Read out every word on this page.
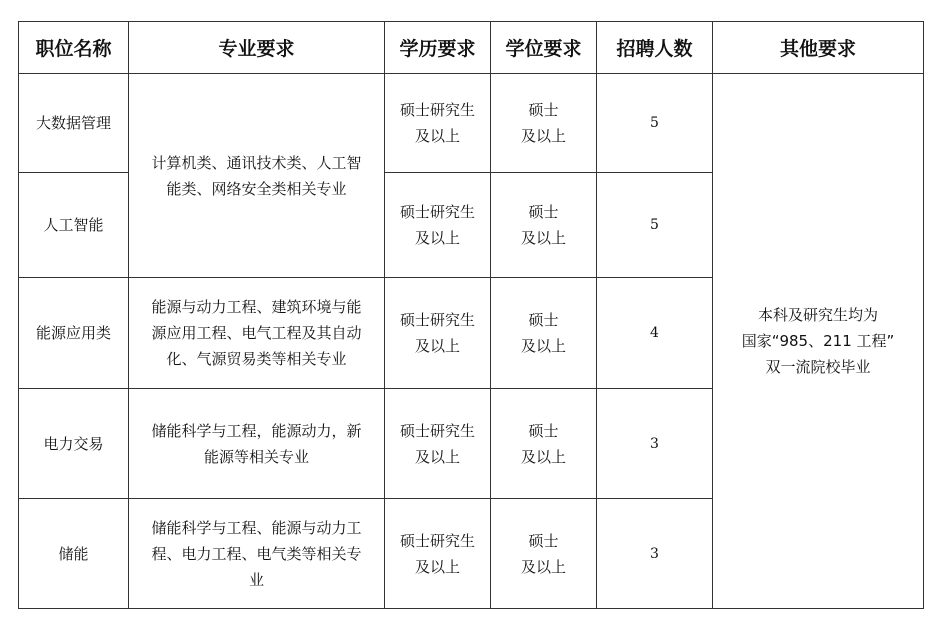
职位名称	专业要求	学历要求	学位要求	招聘人数	其他要求
大数据管理	计算机类、通讯技术类、人工智
能类、网络安全类相关专业	硕士研究生
及以上	硕士
及以上	5	本科及研究生均为
国家“985、211 工程”
双一流院校毕业

人工智能		硕士研究生
及以上	硕士
及以上	5	
能源应用类	能源与动力工程、建筑环境与能
源应用工程、电气工程及其自动
化、气源贸易类等相关专业	硕士研究生
及以上	硕士
及以上	4	
电力交易	储能科学与工程，能源动力，新
能源等相关专业	硕士研究生
及以上	硕士
及以上	3	
储能	储能科学与工程、能源与动力工
程、电力工程、电气类等相关专
业	硕士研究生
及以上	硕士
及以上	3	
